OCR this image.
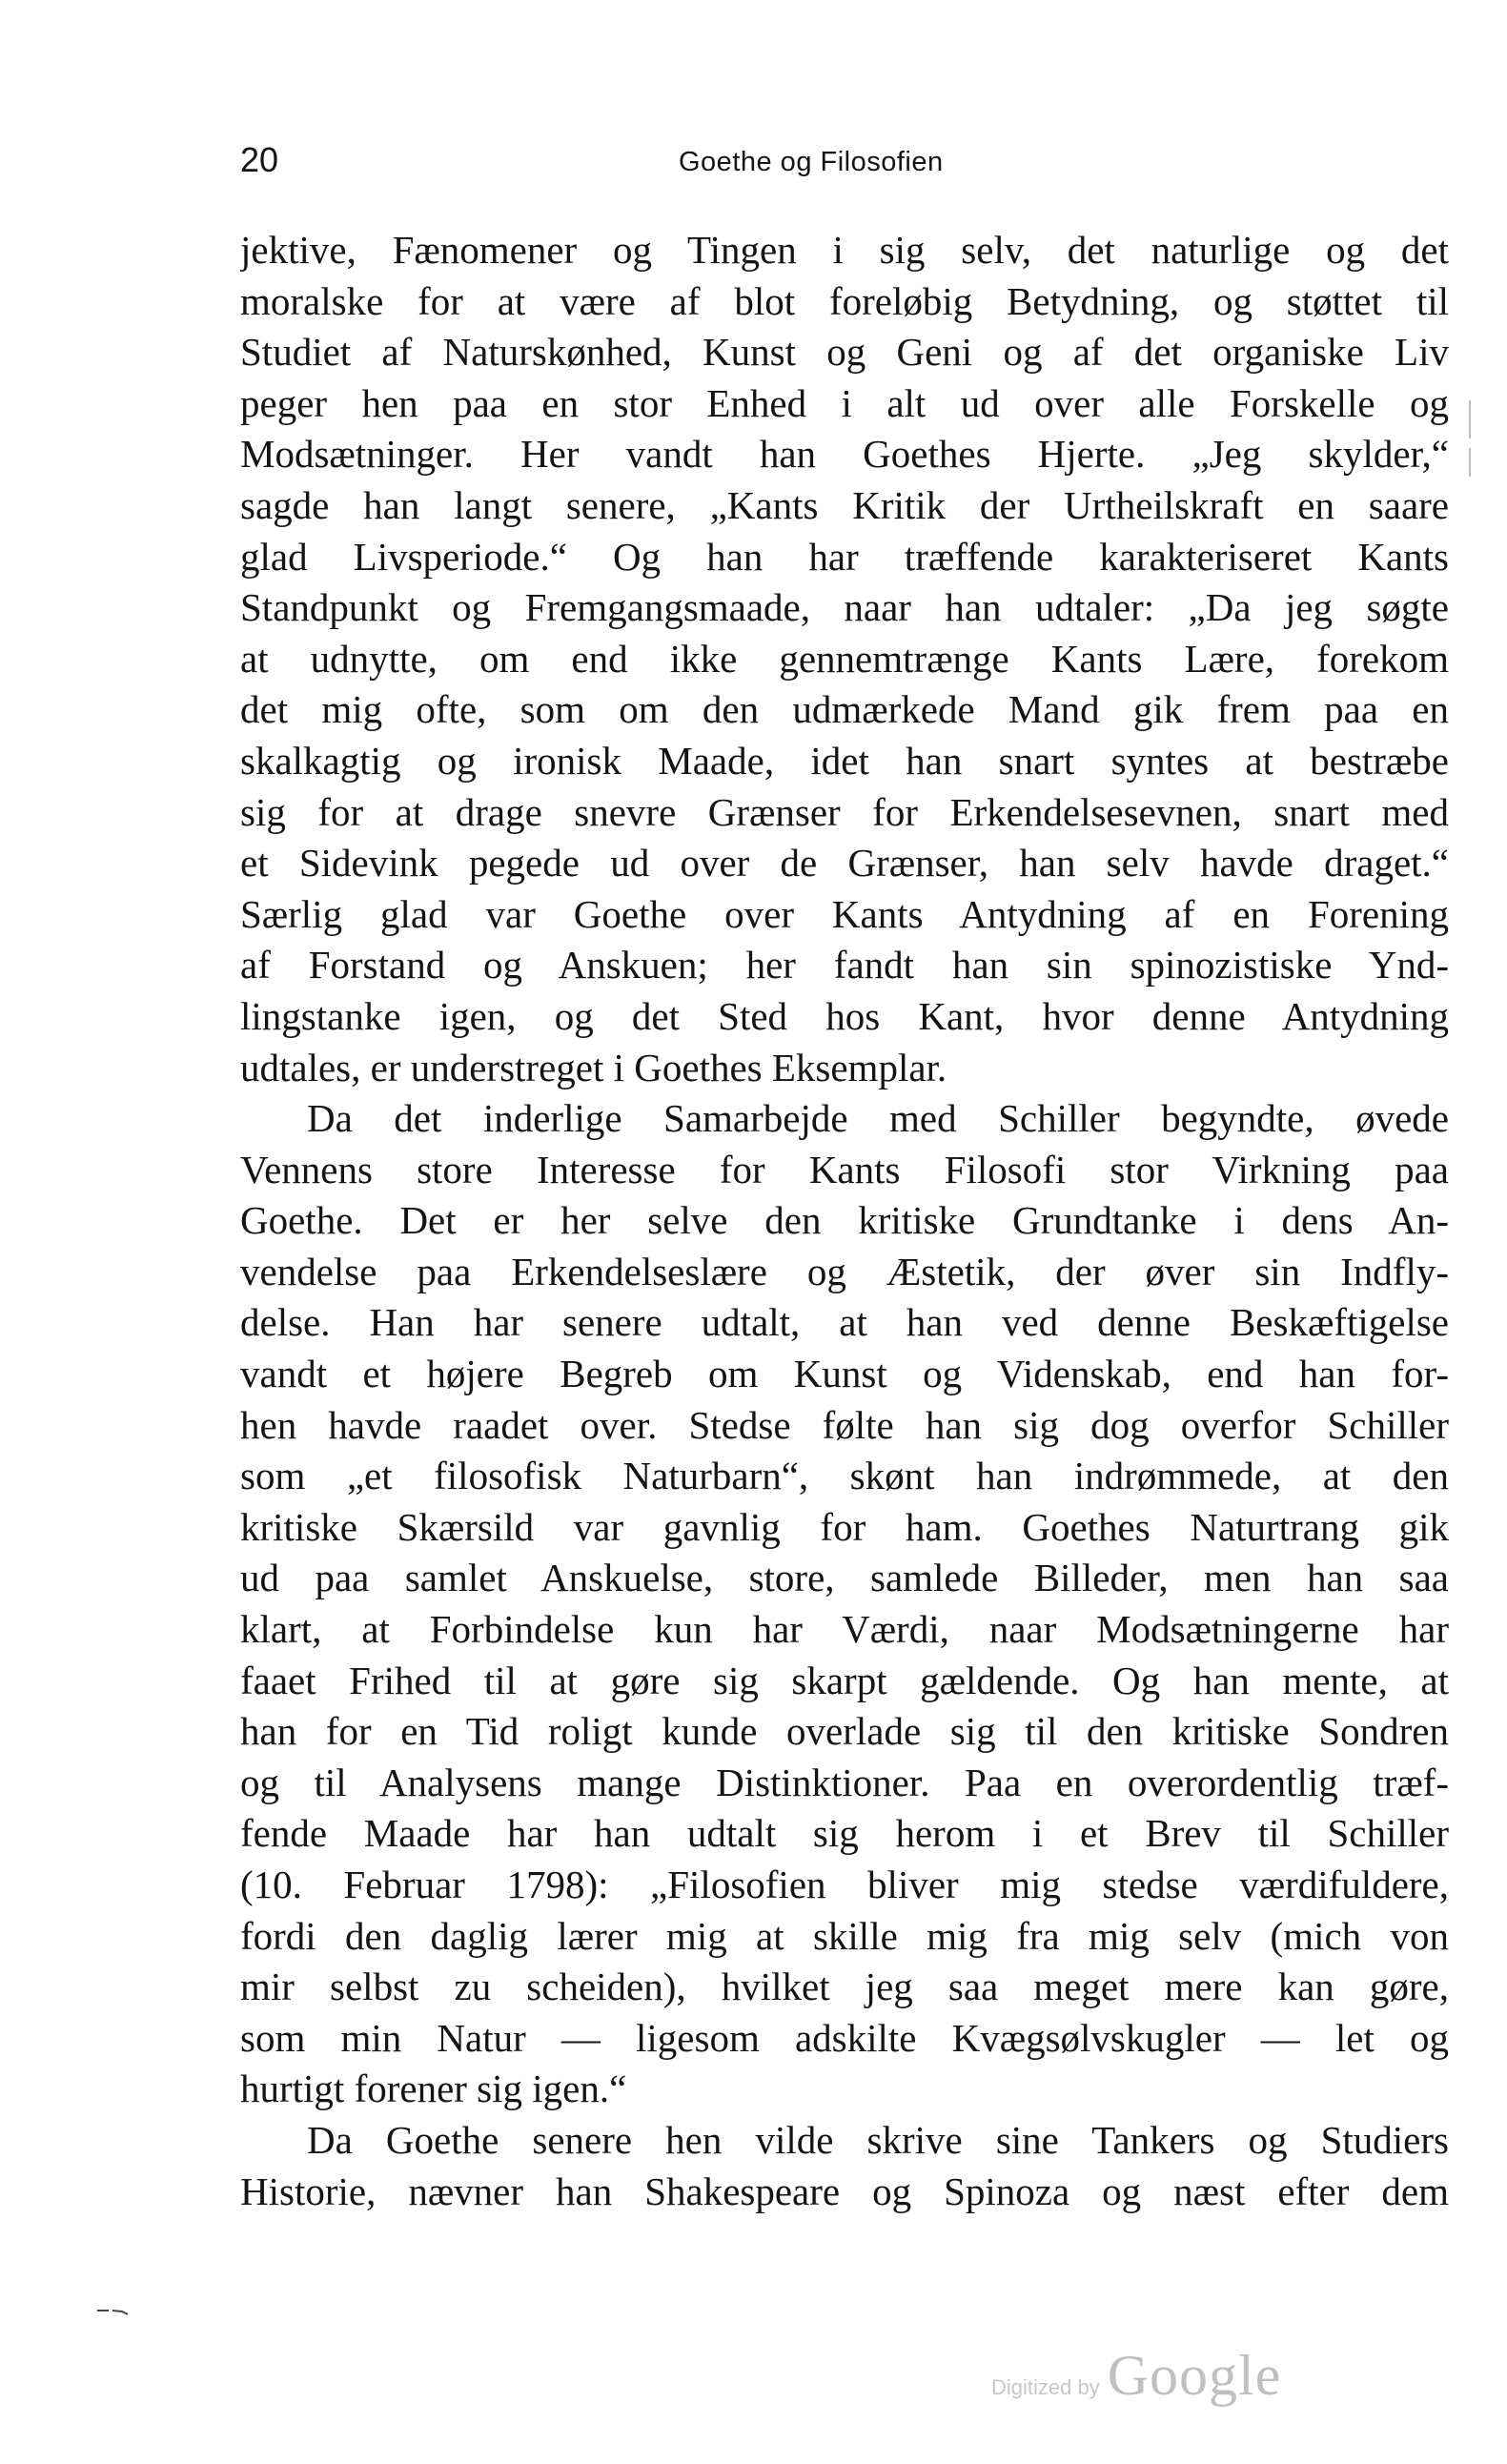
20	Goethe og Filosofien
jektive, Fænomener og Tingen i sig selv, det naturlige og det
moralske for at være af blot foreløbig Betydning, og støttet til
Studiet af Naturskønhed, Kunst og Geni og af det organiske Liv
peger hen paa en stor Enhed i alt ud over alle Forskelle og
Modsætninger. Her vandt han Goethes Hjerte. „Jeg skylder,“
sagde han langt senere, „Kants Kritik der Urtheilskraft en saare
glad Livsperiode.“ Og han har træffende karakteriseret Kants
Standpunkt og Fremgangsmaade, naar han udtaler: „Da jeg søgte
at udnytte, om end ikke gennemtrænge Kants Lære, forekom
det mig ofte, som om den udmærkede Mand gik frem paa en
skalkagtig og ironisk Maade, idet han snart syntes at bestræbe
sig for at drage snevre Grænser for Erkendelsesevnen, snart med
et Sidevink pegede ud over de Grænser, han selv havde draget.“
Særlig glad var Goethe over Kants Antydning af en Forening
af Forstand og Anskuen; her fandt han sin spinozistiske Ynd-
lingstanke igen, og det Sted hos Kant, hvor denne Antydning
udtales, er understreget i Goethes Eksemplar.
Da det inderlige Samarbejde med Schiller begyndte, øvede
Vennens store Interesse for Kants Filosofi stor Virkning paa
Goethe. Det er her selve den kritiske Grundtanke i dens An-
vendelse paa Erkendelseslære og Æstetik, der øver sin Indfly-
delse. Han har senere udtalt, at han ved denne Beskæftigelse
vandt et højere Begreb om Kunst og Videnskab, end han for-
hen havde raadet over. Stedse følte han sig dog overfor Schiller
som „et filosofisk Naturbarn“, skønt han indrømmede, at den
kritiske Skærsild var gavnlig for ham. Goethes Naturtrang gik
ud paa samlet Anskuelse, store, samlede Billeder, men han saa
klart, at Forbindelse kun har Værdi, naar Modsætningerne har
faaet Frihed til at gøre sig skarpt gældende. Og han mente, at
han for en Tid roligt kunde overlade sig til den kritiske Sondren
og til Analysens mange Distinktioner. Paa en overordentlig træf-
fende Maade har han udtalt sig herom i et Brev til Schiller
(10. Februar 1798): „Filosofien bliver mig stedse værdifuldere,
fordi den daglig lærer mig at skille mig fra mig selv (mich von
mir selbst zu scheiden), hvilket jeg saa meget mere kan gøre,
som min Natur — ligesom adskilte Kvægsølvskugler — let og
hurtigt forener sig igen.“
Da Goethe senere hen vilde skrive sine Tankers og Studiers
Historie, nævner han Shakespeare og Spinoza og næst efter dem
Digitized by Google
